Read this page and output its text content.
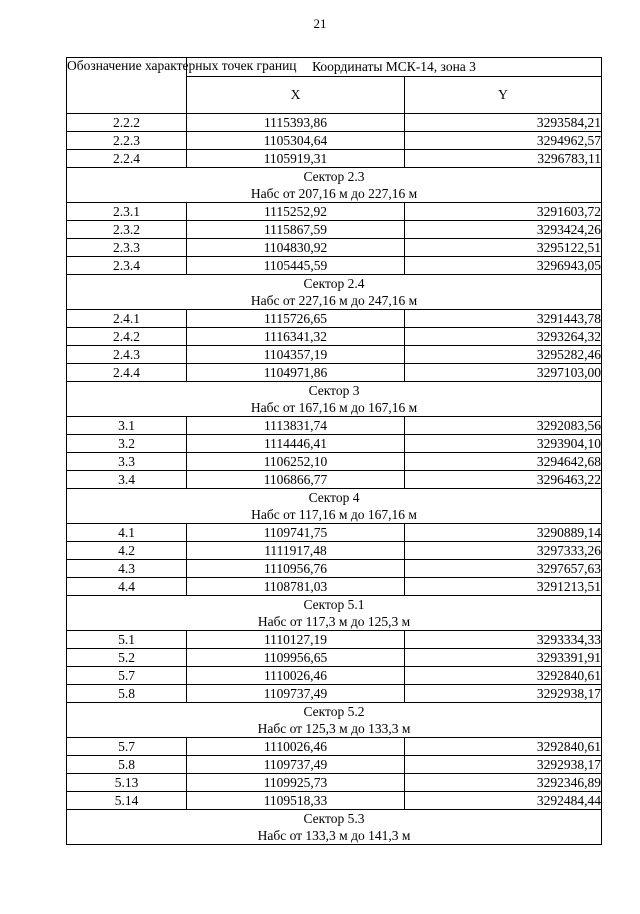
21
Обозначение характерных точек границ	Координаты МСК-14, зона 3	
	X	Y
2.2.2	1115393,86	3293584,21
2.2.3	1105304,64	3294962,57
2.2.4	1105919,31	3296783,11

Сектор 2.3
Набс от 207,16 м до 227,16 м		

2.3.1	1115252,92	3291603,72
2.3.2	1115867,59	3293424,26
2.3.3	1104830,92	3295122,51
2.3.4	1105445,59	3296943,05

Сектор 2.4
Набс от 227,16 м до 247,16 м		

2.4.1	1115726,65	3291443,78
2.4.2	1116341,32	3293264,32
2.4.3	1104357,19	3295282,46
2.4.4	1104971,86	3297103,00

Сектор 3
Набс от 167,16 м до 167,16 м		

3.1	1113831,74	3292083,56
3.2	1114446,41	3293904,10
3.3	1106252,10	3294642,68
3.4	1106866,77	3296463,22

Сектор 4
Набс от 117,16 м до 167,16 м		

4.1	1109741,75	3290889,14
4.2	1111917,48	3297333,26
4.3	1110956,76	3297657,63
4.4	1108781,03	3291213,51

Сектор 5.1
Набс от 117,3 м до 125,3 м		

5.1	1110127,19	3293334,33
5.2	1109956,65	3293391,91
5.7	1110026,46	3292840,61
5.8	1109737,49	3292938,17

Сектор 5.2
Набс от 125,3 м до 133,3 м		

5.7	1110026,46	3292840,61
5.8	1109737,49	3292938,17
5.13	1109925,73	3292346,89
5.14	1109518,33	3292484,44

Сектор 5.3
Набс от 133,3 м до 141,3 м		
